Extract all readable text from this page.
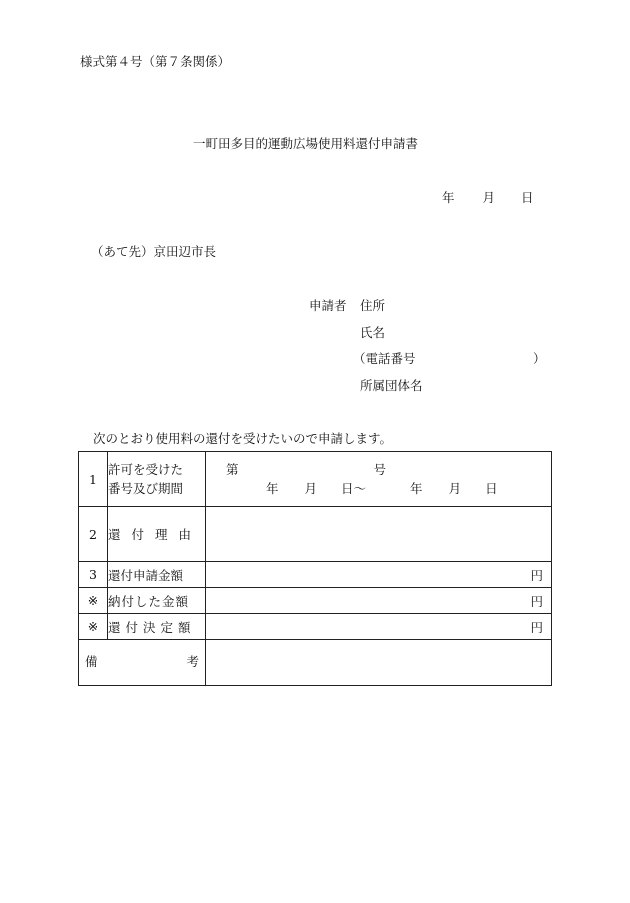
様式第４号（第７条関係）
一町田多目的運動広場使用料還付申請書
年 月 日
（あて先）京田辺市長
申請者 住所
氏名
（電話番号	）
所属団体名
次のとおり使用料の還付を受けたいので申請します。
1	許可を受けた
番号及び期間	第 号
年 月 日～ 年 月 日

2	還付理由	
3	還付申請金額	円

※	納付した金額	円

※	還付決定額	円

備 考		
